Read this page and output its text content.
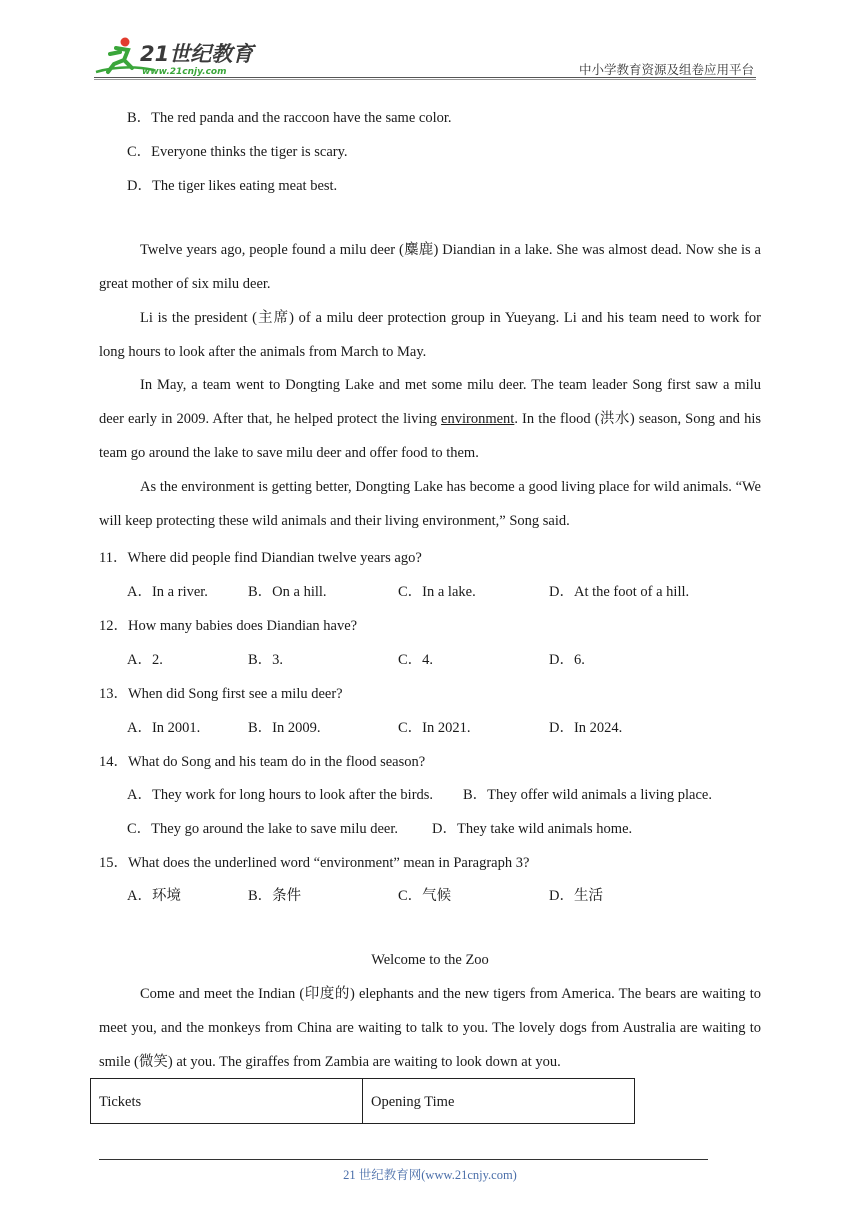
21世纪教育
www.21cnjy.com	中小学教育资源及组卷应用平台
B．The red panda and the raccoon have the same color.
C．Everyone thinks the tiger is scary.
D．The tiger likes eating meat best.
Twelve years ago, people found a milu deer (麋鹿) Diandian in a lake. She was almost dead. Now she is a great mother of six milu deer.
Li is the president (主席) of a milu deer protection group in Yueyang. Li and his team need to work for long hours to look after the animals from March to May.
In May, a team went to Dongting Lake and met some milu deer. The team leader Song first saw a milu deer early in 2009. After that, he helped protect the living environment. In the flood (洪水) season, Song and his team go around the lake to save milu deer and offer food to them.
As the environment is getting better, Dongting Lake has become a good living place for wild animals. “We will keep protecting these wild animals and their living environment,” Song said.
11．Where did people find Diandian twelve years ago?
A．In a river.	B．On a hill.	C．In a lake.	D．At the foot of a hill.
12．How many babies does Diandian have?
A．2.	B．3.	C．4.	D．6.
13．When did Song first see a milu deer?
A．In 2001.	B．In 2009.	C．In 2021.	D．In 2024.
14．What do Song and his team do in the flood season?
A．They work for long hours to look after the birds. B．They offer wild animals a living place.
C．They go around the lake to save milu deer. D．They take wild animals home.
15．What does the underlined word “environment” mean in Paragraph 3?
A．环境	B．条件	C．气候	D．生活
Welcome to the Zoo
Come and meet the Indian (印度的) elephants and the new tigers from America. The bears are waiting to meet you, and the monkeys from China are waiting to talk to you. The lovely dogs from Australia are waiting to smile (微笑) at you. The giraffes from Zambia are waiting to look down at you.
Tickets	Opening Time
21 世纪教育网(www.21cnjy.com)
